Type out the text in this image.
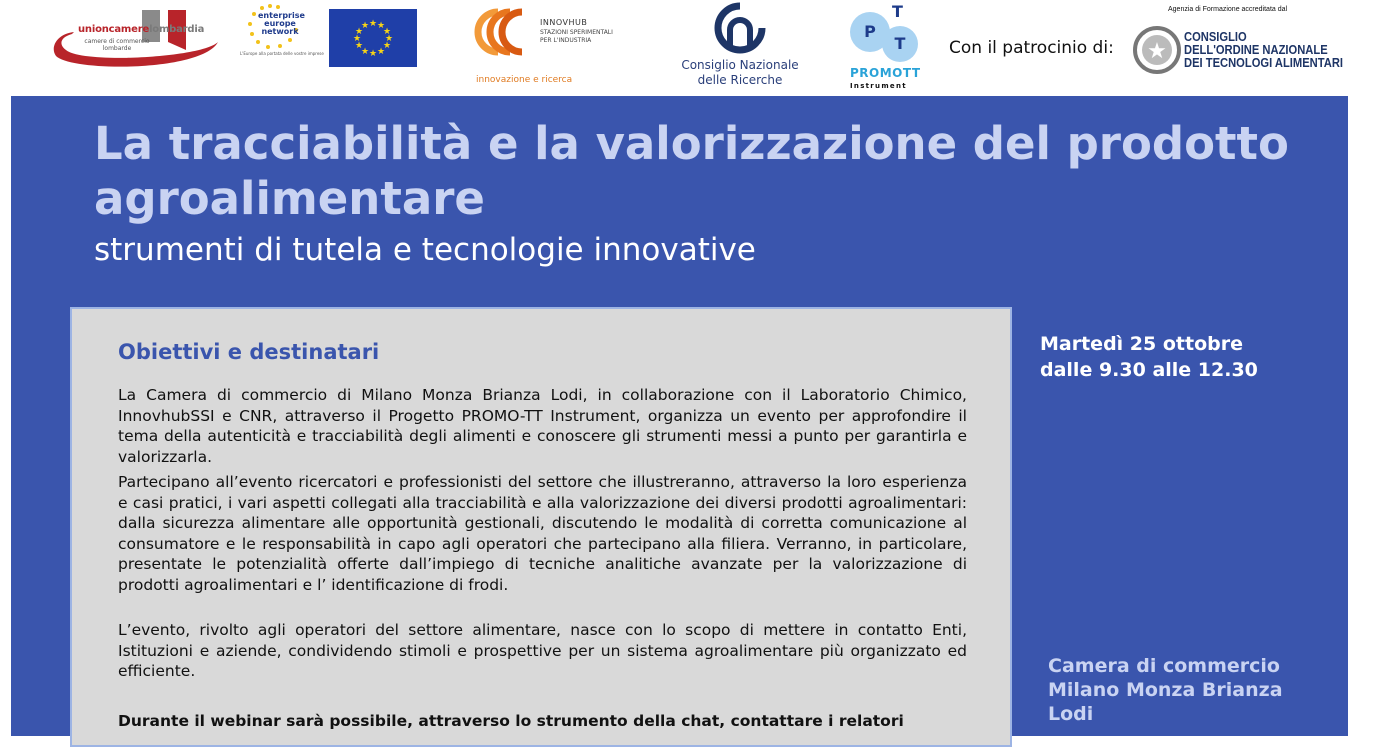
unioncamerelombardia
camere di commercio lombarde
enterprise
europe
network
L'Europe alla portata delle vostre imprese
★ ★
★
★
★
★
★
★
★
★
★
★	INNOVHUB
STAZIONI SPERIMENTALI
PER L'INDUSTRIA
innovazione e ricerca
Consiglio Nazionale
delle Ricerche
P
T
T
PROMOTT
Instrument
Con il patrocinio di:
Agenzia di Formazione accreditata dal
★
CONSIGLIO
DELL'ORDINE NAZIONALE
DEI TECNOLOGI ALIMENTARI
La tracciabilità e la valorizzazione del prodotto agroalimentare
strumenti di tutela e tecnologie innovative
Martedì 25 ottobre
dalle 9.30 alle 12.30
Camera di commercio
Milano Monza Brianza
Lodi
Obiettivi e destinatari

La Camera di commercio di Milano Monza Brianza Lodi, in collaborazione con il Laboratorio Chimico, InnovhubSSI e CNR, attraverso il Progetto PROMO-TT Instrument, organizza un evento per approfondire il tema della autenticità e tracciabilità degli alimenti e conoscere gli strumenti messi a punto per garantirla e valorizzarla.

Partecipano all’evento ricercatori e professionisti del settore che illustreranno, attraverso la loro esperienza e casi pratici, i vari aspetti collegati alla tracciabilità e alla valorizzazione dei diversi prodotti agroalimentari: dalla sicurezza alimentare alle opportunità gestionali, discutendo le modalità di corretta comunicazione al consumatore e le responsabilità in capo agli operatori che partecipano alla filiera. Verranno, in particolare, presentate le potenzialità offerte dall’impiego di tecniche analitiche avanzate per la valorizzazione di prodotti agroalimentari e l’ identificazione di frodi.

L’evento, rivolto agli operatori del settore alimentare, nasce con lo scopo di mettere in contatto Enti, Istituzioni e aziende, condividendo stimoli e prospettive per un sistema agroalimentare più organizzato ed efficiente.

Durante il webinar sarà possibile, attraverso lo strumento della chat, contattare i relatori
